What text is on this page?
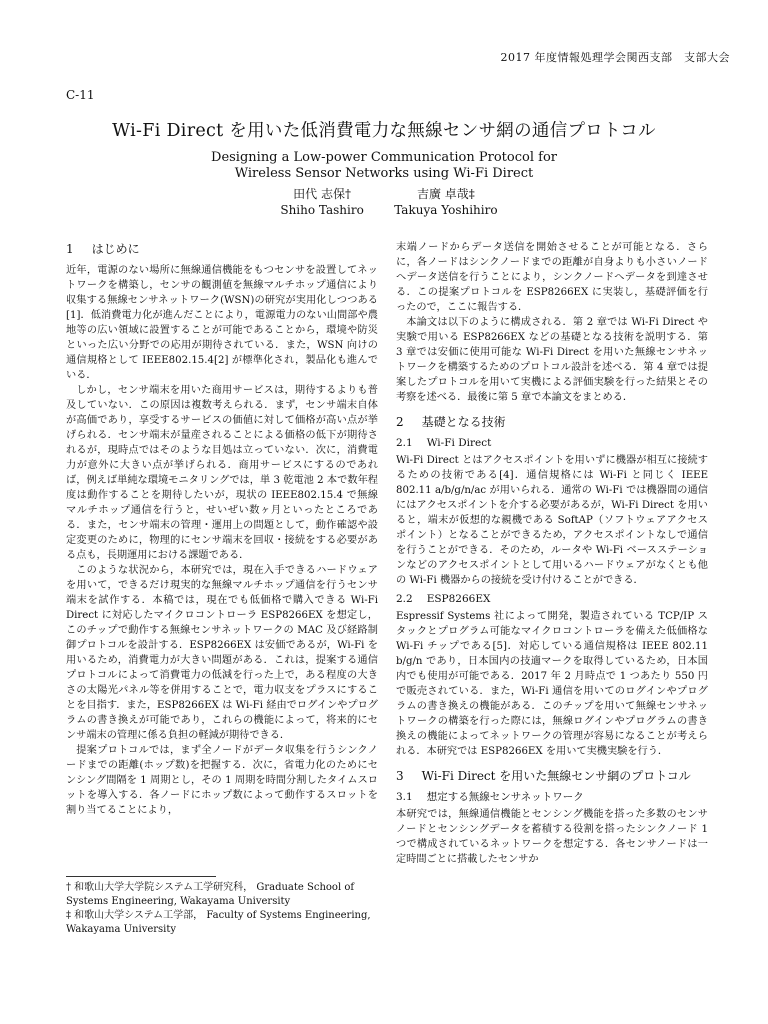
2017 年度情報処理学会関西支部　支部大会
C-11
Wi-Fi Direct を用いた低消費電力な無線センサ網の通信プロトコル
Designing a Low-power Communication Protocol for
Wireless Sensor Networks using Wi-Fi Direct
田代 志保†	吉廣 卓哉‡
Shiho Tashiro	Takuya Yoshihiro
1 はじめに

近年，電源のない場所に無線通信機能をもつセンサを設置してネットワークを構築し，センサの観測値を無線マルチホップ通信により収集する無線センサネットワーク(WSN)の研究が実用化しつつある[1]．低消費電力化が進んだことにより，電源電力のない山間部や農地等の広い領域に設置することが可能であることから，環境や防災といった広い分野での応用が期待されている．また，WSN 向けの通信規格として IEEE802.15.4[2] が標準化され，製品化も進んでいる．

しかし，センサ端末を用いた商用サービスは，期待するよりも普及していない．この原因は複数考えられる．まず，センサ端末自体が高価であり，享受するサービスの価値に対して価格が高い点が挙げられる．センサ端末が量産されることによる価格の低下が期待されるが，現時点ではそのような目処は立っていない．次に，消費電力が意外に大きい点が挙げられる．商用サービスにするのであれば，例えば単純な環境モニタリングでは，単 3 乾電池 2 本で数年程度は動作することを期待したいが，現状の IEEE802.15.4 で無線マルチホップ通信を行うと，せいぜい数ヶ月といったところである．また，センサ端末の管理・運用上の問題として，動作確認や設定変更のために，物理的にセンサ端末を回収・接続をする必要がある点も，長期運用における課題である．

このような状況から，本研究では，現在入手できるハードウェアを用いて，できるだけ現実的な無線マルチホップ通信を行うセンサ端末を試作する．本稿では，現在でも低価格で購入できる Wi-Fi Direct に対応したマイクロコントローラ ESP8266EX を想定し，このチップで動作する無線センサネットワークの MAC 及び経路制御プロトコルを設計する．ESP8266EX は安価であるが，Wi-Fi を用いるため，消費電力が大きい問題がある．これは，提案する通信プロトコルによって消費電力の低減を行った上で，ある程度の大きさの太陽光パネル等を併用することで，電力収支をプラスにすることを目指す．また，ESP8266EX は Wi-Fi 経由でログインやプログラムの書き換えが可能であり，これらの機能によって，将来的にセンサ端末の管理に係る負担の軽減が期待できる．

提案プロトコルでは，まず全ノードがデータ収集を行うシンクノードまでの距離(ホップ数)を把握する．次に，省電力化のためにセンシング間隔を 1 周期とし，その 1 周期を時間分割したタイムスロットを導入する．各ノードにホップ数によって動作するスロットを割り当てることにより，

† 和歌山大学大学院システム工学研究科， Graduate School of Systems Engineering, Wakayama University
‡ 和歌山大学システム工学部， Faculty of Systems Engineering, Wakayama University

末端ノードからデータ送信を開始させることが可能となる．さらに，各ノードはシンクノードまでの距離が自身よりも小さいノードへデータ送信を行うことにより，シンクノードへデータを到達させる．この提案プロトコルを ESP8266EX に実装し，基礎評価を行ったので，ここに報告する．

本論文は以下のように構成される．第 2 章では Wi-Fi Direct や実験で用いる ESP8266EX などの基礎となる技術を説明する．第 3 章では安価に使用可能な Wi-Fi Direct を用いた無線センサネットワークを構築するためのプロトコル設計を述べる．第 4 章では提案したプロトコルを用いて実機による評価実験を行った結果とその考察を述べる．最後に第 5 章で本論文をまとめる．

2 基礎となる技術
2.1 Wi-Fi Direct

Wi-Fi Direct とはアクセスポイントを用いずに機器が相互に接続するための技術である[4]．通信規格には Wi-Fi と同じく IEEE 802.11 a/b/g/n/ac が用いられる．通常の Wi-Fi では機器間の通信にはアクセスポイントを介する必要があるが，Wi-Fi Direct を用いると，端末が仮想的な親機である SoftAP（ソフトウェアアクセスポイント）となることができるため，アクセスポイントなしで通信を行うことができる．そのため，ルータや Wi-Fi ベースステーションなどのアクセスポイントとして用いるハードウェアがなくとも他の Wi-Fi 機器からの接続を受け付けることができる．

2.2 ESP8266EX

Espressif Systems 社によって開発，製造されている TCP/IP スタックとプログラム可能なマイクロコントローラを備えた低価格な Wi-Fi チップである[5]．対応している通信規格は IEEE 802.11 b/g/n であり，日本国内の技適マークを取得しているため，日本国内でも使用が可能である．2017 年 2 月時点で 1 つあたり 550 円で販売されている．また，Wi-Fi 通信を用いてのログインやプログラムの書き換えの機能がある．このチップを用いて無線センサネットワークの構築を行った際には，無線ログインやプログラムの書き換えの機能によってネットワークの管理が容易になることが考えられる．本研究では ESP8266EX を用いて実機実験を行う．

3 Wi-Fi Direct を用いた無線センサ網のプロトコル
3.1 想定する無線センサネットワーク

本研究では，無線通信機能とセンシング機能を搭った多数のセンサノードとセンシングデータを蓄積する役割を搭ったシンクノード 1 つで構成されているネットワークを想定する．各センサノードは一定時間ごとに搭載したセンサか
